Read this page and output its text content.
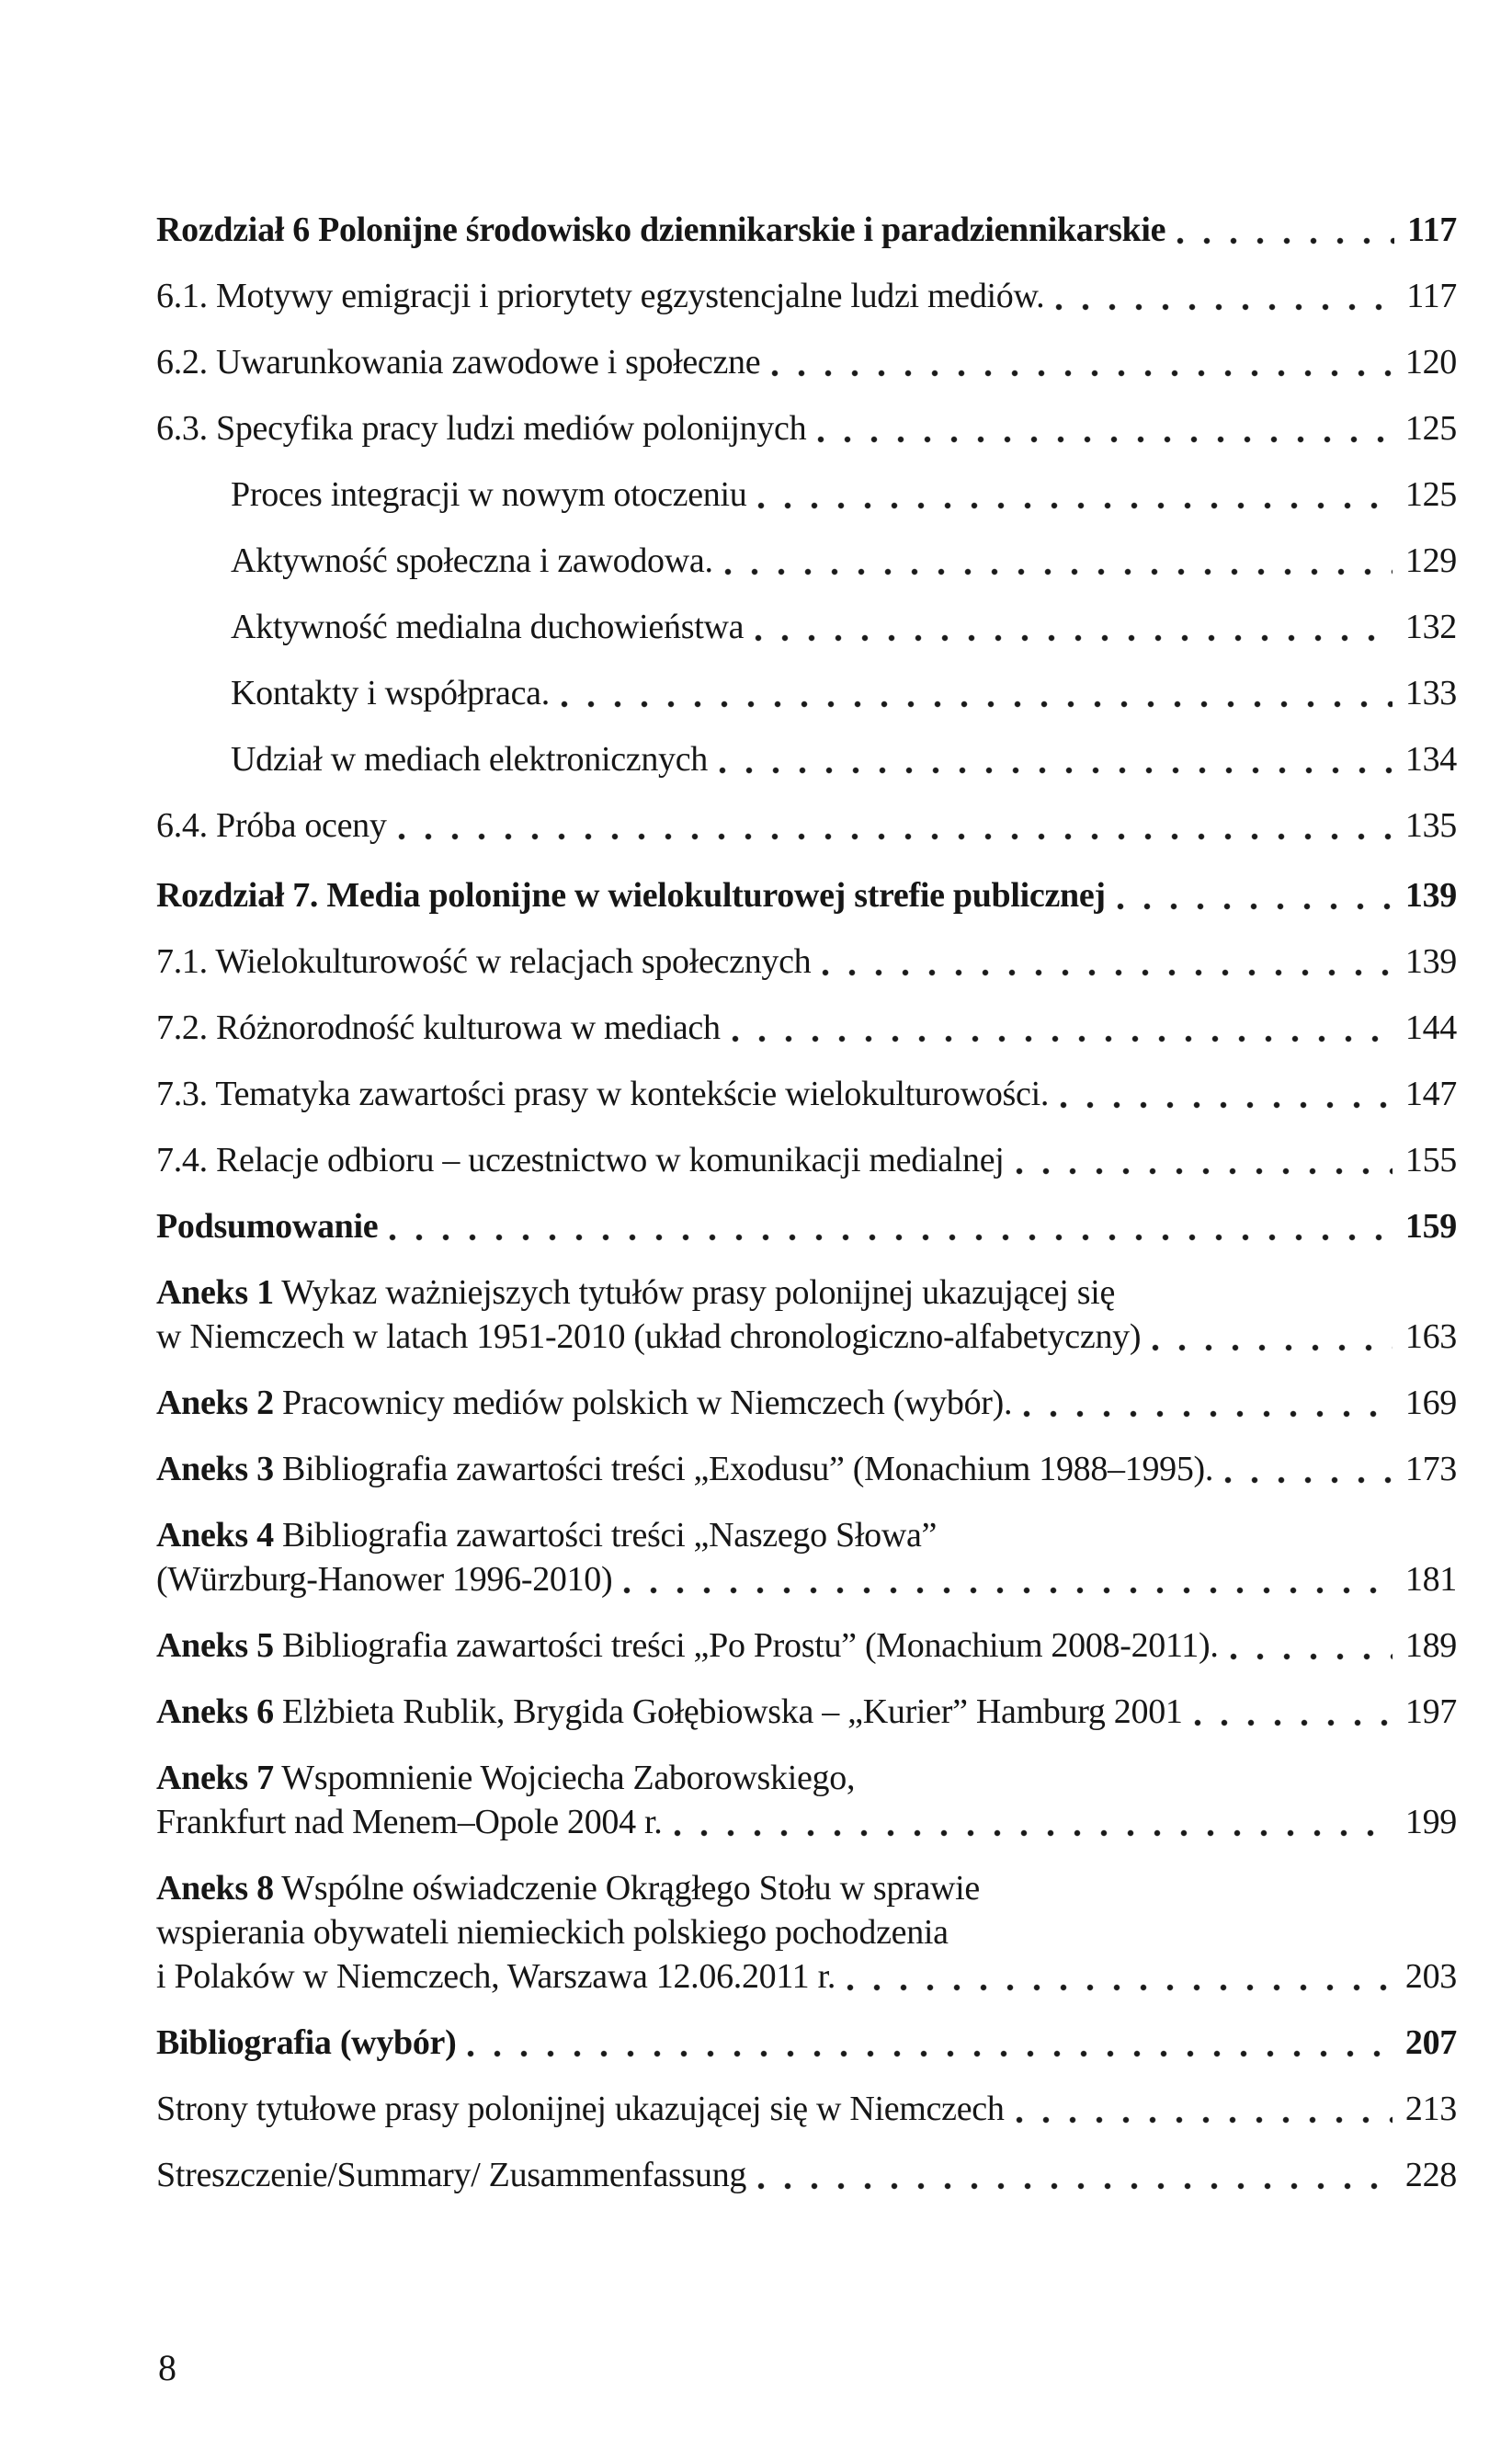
Rozdział 6 Polonijne środowisko dziennikarskie i paradziennikarskie	117
6.1. Motywy emigracji i priorytety egzystencjalne ludzi mediów.	117
6.2. Uwarunkowania zawodowe i społeczne	120
6.3. Specyfika pracy ludzi mediów polonijnych	125
Proces integracji w nowym otoczeniu	125
Aktywność społeczna i zawodowa.	129
Aktywność medialna duchowieństwa	132
Kontakty i współpraca.	133
Udział w mediach elektronicznych	134
6.4. Próba oceny	135
Rozdział 7. Media polonijne w wielokulturowej strefie publicznej	139
7.1. Wielokulturowość w relacjach społecznych	139
7.2. Różnorodność kulturowa w mediach	144
7.3. Tematyka zawartości prasy w kontekście wielokulturowości.	147
7.4. Relacje odbioru – uczestnictwo w komunikacji medialnej	155
Podsumowanie	159
Aneks 1 Wykaz ważniejszych tytułów prasy polonijnej ukazującej się
w Niemczech w latach 1951-2010 (układ chronologiczno-alfabetyczny)	163
Aneks 2 Pracownicy mediów polskich w Niemczech (wybór).	169
Aneks 3 Bibliografia zawartości treści „Exodusu” (Monachium 1988–1995).	173
Aneks 4 Bibliografia zawartości treści „Naszego Słowa”
(Würzburg-Hanower 1996-2010)	181
Aneks 5 Bibliografia zawartości treści „Po Prostu” (Monachium 2008-2011).	189
Aneks 6 Elżbieta Rublik, Brygida Gołębiowska – „Kurier” Hamburg 2001	197
Aneks 7 Wspomnienie Wojciecha Zaborowskiego,
Frankfurt nad Menem–Opole 2004 r.	199
Aneks 8 Wspólne oświadczenie Okrągłego Stołu w sprawie
wspierania obywateli niemieckich polskiego pochodzenia
i Polaków w Niemczech, Warszawa 12.06.2011 r.	203
Bibliografia (wybór)	207
Strony tytułowe prasy polonijnej ukazującej się w Niemczech	213
Streszczenie/Summary/ Zusammenfassung	228
8
